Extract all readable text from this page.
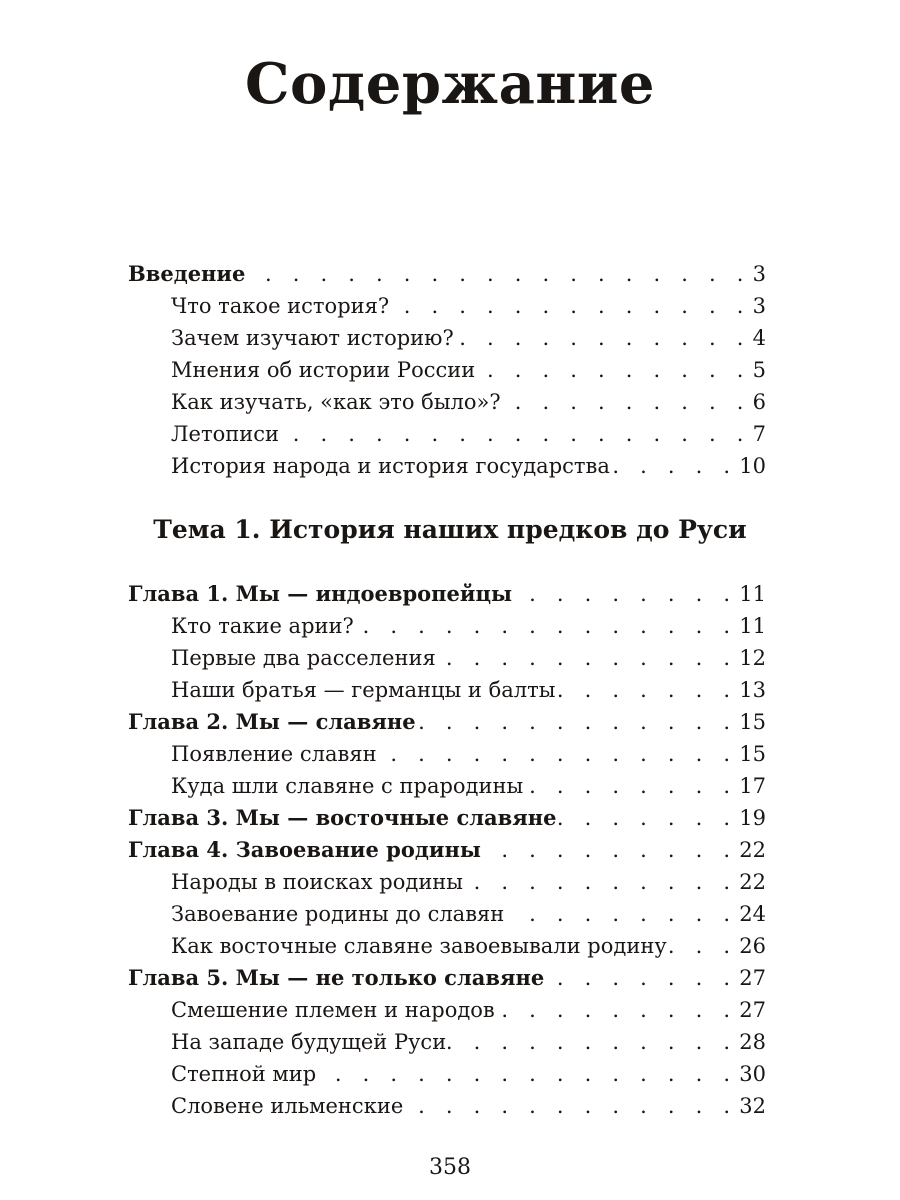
Содержание
Введение . . .	3
Что такое история? . . .	3
Зачем изучают историю? . . .	4
Мнения об истории России . . .	5
Как изучать, «как это было»? . . .	6
Летописи . . .	7
История народа и история государства . . .	10
Тема 1. История наших предков до Руси
Глава 1. Мы — индоевропейцы . . .	11
Кто такие арии? . . .	11
Первые два расселения . . .	12
Наши братья — германцы и балты . . .	13
Глава 2. Мы — славяне . . .	15
Появление славян . . .	15
Куда шли славяне с прародины . . .	17
Глава 3. Мы — восточные славяне . . .	19
Глава 4. Завоевание родины . . .	22
Народы в поисках родины . . .	22
Завоевание родины до славян . . .	24
Как восточные славяне завоевывали родину . . .	26
Глава 5. Мы — не только славяне . . .	27
Смешение племен и народов . . .	27
На западе будущей Руси . . .	28
Степной мир . . .	30
Словене ильменские . . .	32
358
